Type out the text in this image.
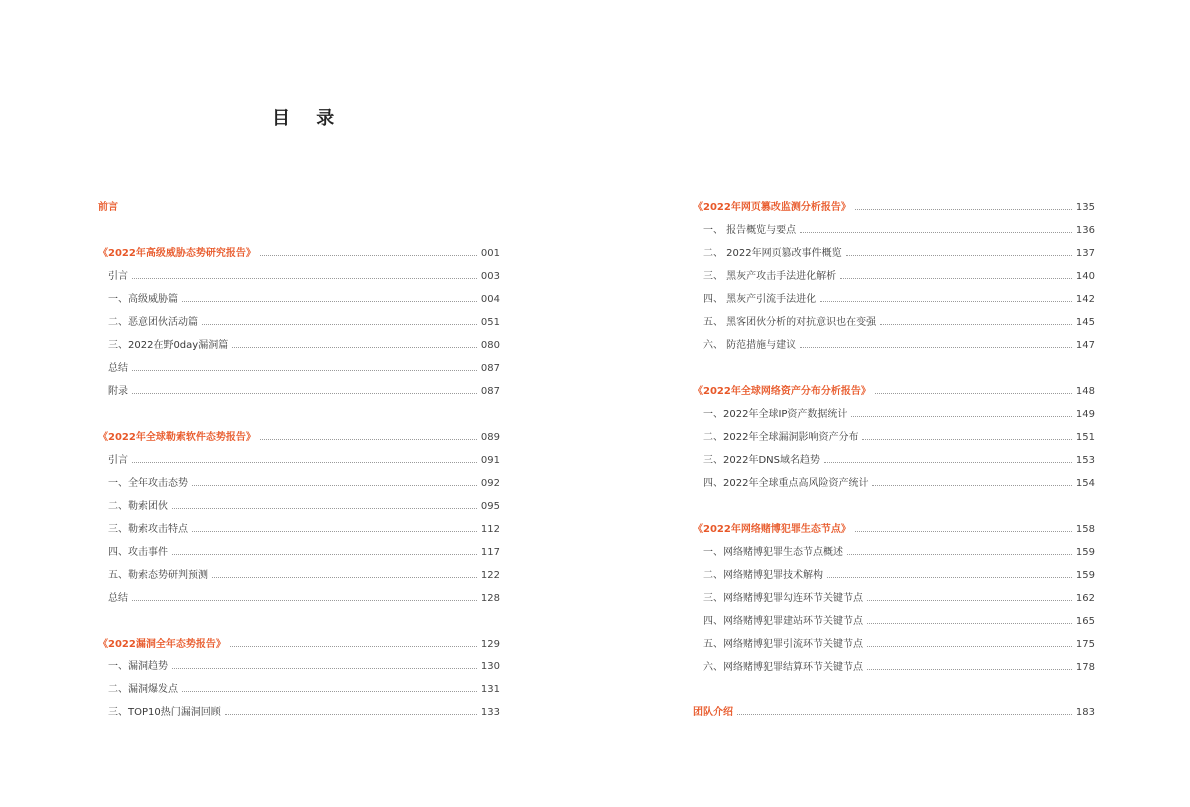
目 录
前言
《2022年高级威胁态势研究报告》	001
引言	003
一、高级威胁篇	004
二、恶意团伙活动篇	051
三、2022在野0day漏洞篇	080
总结	087
附录	087
《2022年全球勒索软件态势报告》	089
引言	091
一、全年攻击态势	092
二、勒索团伙	095
三、勒索攻击特点	112
四、攻击事件	117
五、勒索态势研判预测	122
总结	128
《2022漏洞全年态势报告》	129
一、漏洞趋势	130
二、漏洞爆发点	131
三、TOP10热门漏洞回顾	133
《2022年网页篡改监测分析报告》	135
一、 报告概览与要点	136
二、 2022年网页篡改事件概览	137
三、 黑灰产攻击手法进化解析	140
四、 黑灰产引流手法进化	142
五、 黑客团伙分析的对抗意识也在变强	145
六、 防范措施与建议	147
《2022年全球网络资产分布分析报告》	148
一、2022年全球IP资产数据统计	149
二、2022年全球漏洞影响资产分布	151
三、2022年DNS域名趋势	153
四、2022年全球重点高风险资产统计	154
《2022年网络赌博犯罪生态节点》	158
一、网络赌博犯罪生态节点概述	159
二、网络赌博犯罪技术解构	159
三、网络赌博犯罪勾连环节关键节点	162
四、网络赌博犯罪建站环节关键节点	165
五、网络赌博犯罪引流环节关键节点	175
六、网络赌博犯罪结算环节关键节点	178
团队介绍	183
